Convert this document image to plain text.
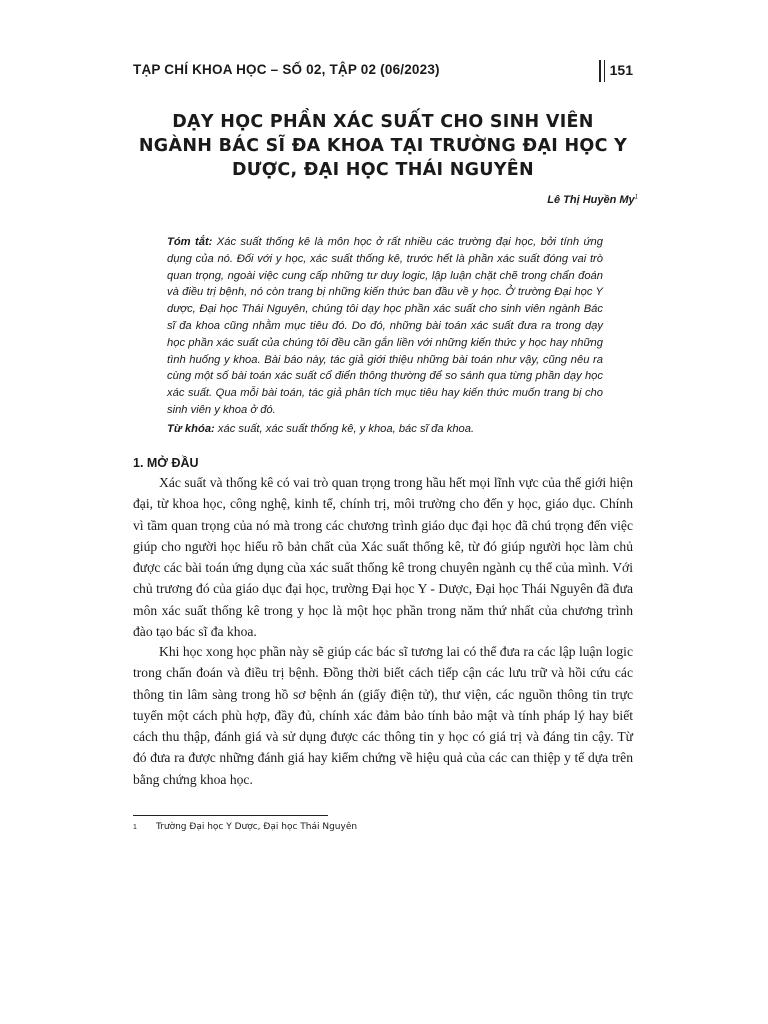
TẠP CHÍ KHOA HỌC – SỐ 02, TẬP 02 (06/2023)	151
DẠY HỌC PHẦN XÁC SUẤT CHO SINH VIÊN
NGÀNH BÁC SĨ ĐA KHOA TẠI TRƯỜNG ĐẠI HỌC Y
DƯỢC, ĐẠI HỌC THÁI NGUYÊN
Lê Thị Huyền My$^1$
Tóm tắt: Xác suất thống kê là môn học ở rất nhiều các trường đại học, bởi tính ứng dụng của nó. Đối với y học, xác suất thống kê, trước hết là phần xác suất đóng vai trò quan trọng, ngoài việc cung cấp những tư duy logic, lập luận chặt chẽ trong chẩn đoán và điều trị bệnh, nó còn trang bị những kiến thức ban đầu về y học. Ở trường Đại học Y dược, Đại học Thái Nguyên, chúng tôi dạy học phần xác suất cho sinh viên ngành Bác sĩ đa khoa cũng nhằm mục tiêu đó. Do đó, những bài toán xác suất đưa ra trong dạy học phần xác suất của chúng tôi đều cần gắn liền với những kiến thức y học hay những tình huống y khoa. Bài báo này, tác giả giới thiệu những bài toán như vậy, cũng nêu ra cùng một số bài toán xác suất cổ điển thông thường để so sánh qua từng phần dạy học xác suất. Qua mỗi bài toán, tác giả phân tích mục tiêu hay kiến thức muốn trang bị cho sinh viên y khoa ở đó.
Từ khóa: xác suất, xác suất thống kê, y khoa, bác sĩ đa khoa.
1. MỞ ĐẦU

Xác suất và thống kê có vai trò quan trọng trong hầu hết mọi lĩnh vực của thế giới hiện đại, từ khoa học, công nghệ, kinh tế, chính trị, môi trường cho đến y học, giáo dục. Chính vì tầm quan trọng của nó mà trong các chương trình giáo dục đại học đã chú trọng đến việc giúp cho người học hiểu rõ bản chất của Xác suất thống kê, từ đó giúp người học làm chủ được các bài toán ứng dụng của xác suất thống kê trong chuyên ngành cụ thể của mình. Với chủ trương đó của giáo dục đại học, trường Đại học Y - Dược, Đại học Thái Nguyên đã đưa môn xác suất thống kê trong y học là một học phần trong năm thứ nhất của chương trình đào tạo bác sĩ đa khoa.

Khi học xong học phần này sẽ giúp các bác sĩ tương lai có thể đưa ra các lập luận logic trong chẩn đoán và điều trị bệnh. Đồng thời biết cách tiếp cận các lưu trữ và hồi cứu các thông tin lâm sàng trong hồ sơ bệnh án (giấy điện tử), thư viện, các nguồn thông tin trực tuyến một cách phù hợp, đầy đủ, chính xác đảm bảo tính bảo mật và tính pháp lý hay biết cách thu thập, đánh giá và sử dụng được các thông tin y học có giá trị và đáng tin cậy. Từ đó đưa ra được những đánh giá hay kiểm chứng về hiệu quả của các can thiệp y tế dựa trên bằng chứng khoa học.

1 Trường Đại học Y Dược, Đại học Thái Nguyên
